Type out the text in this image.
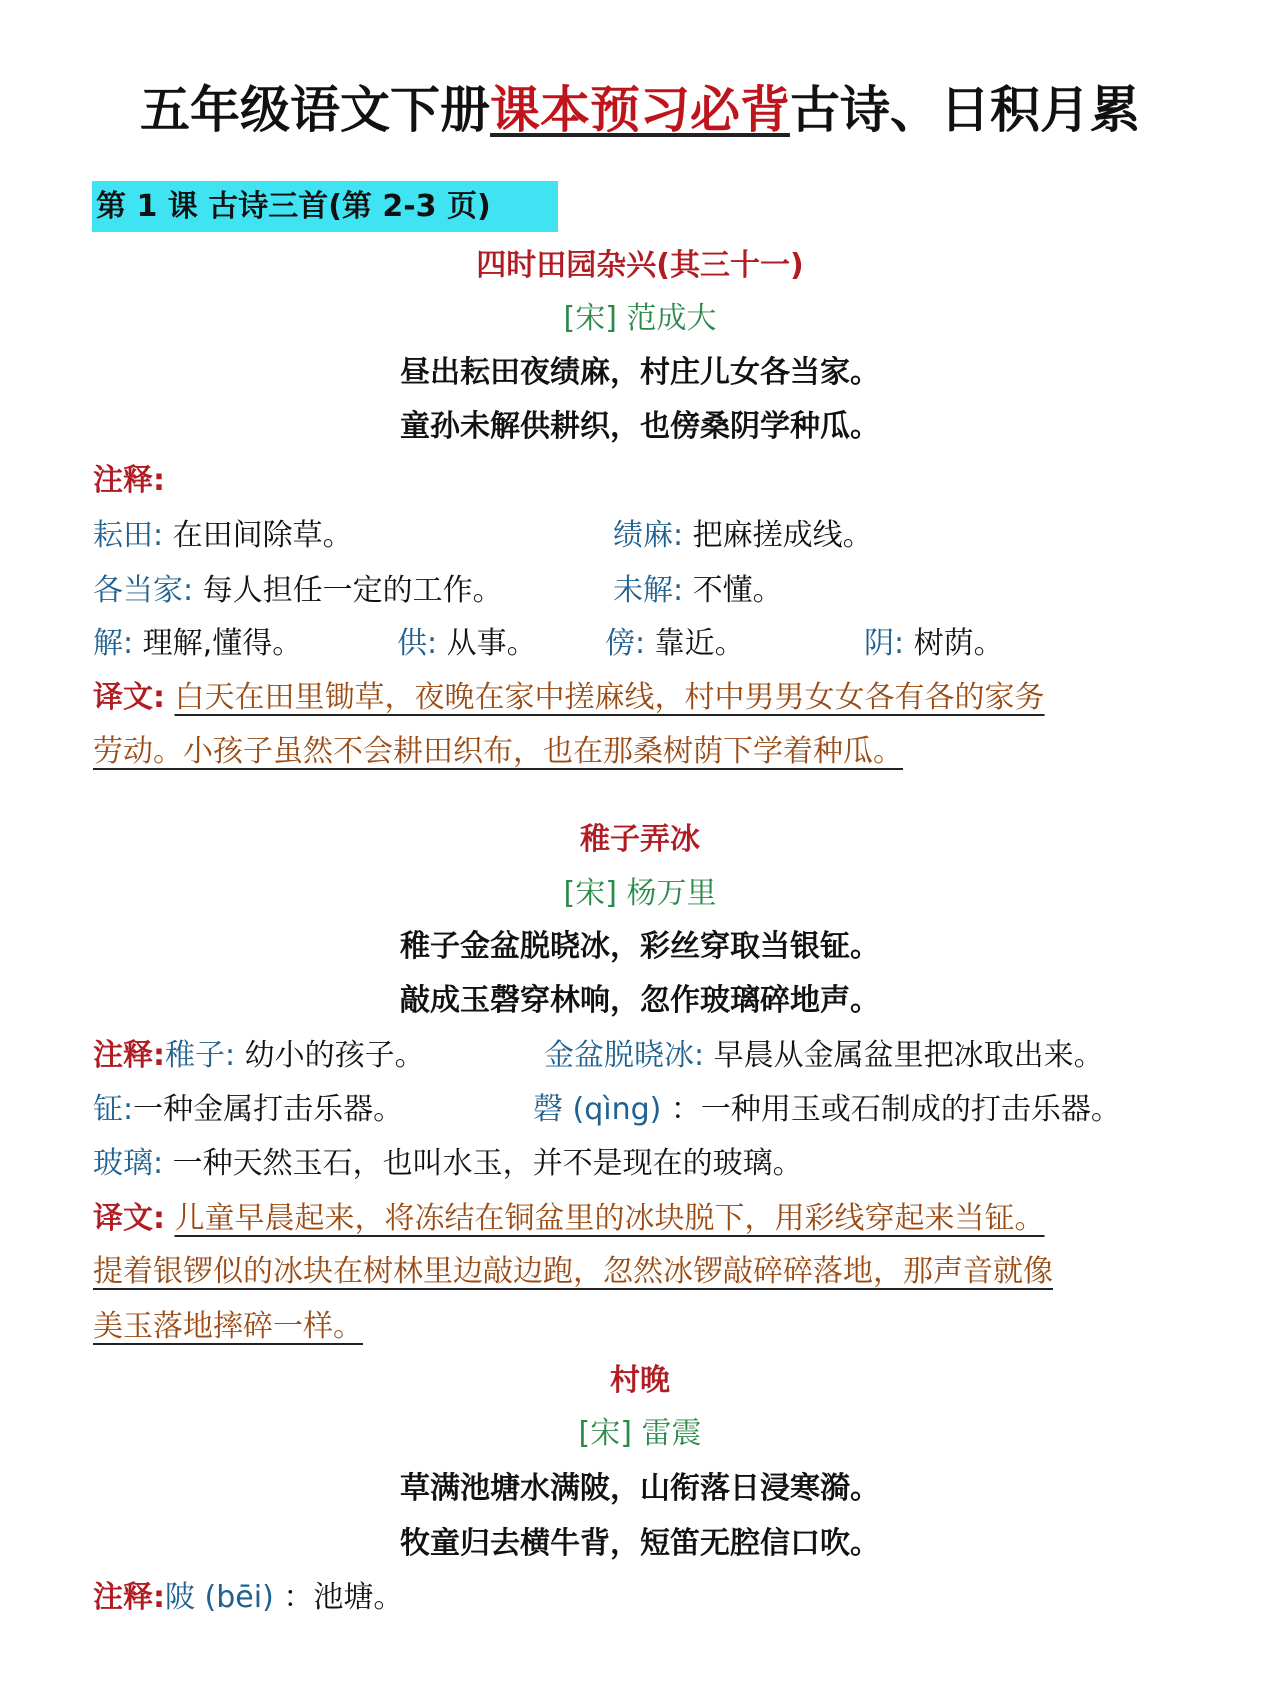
五年级语文下册课本预习必背古诗、日积月累
第 1 课 古诗三首(第 2-3 页)
四时田园杂兴(其三十一)
[宋] 范成大
昼出耘田夜绩麻，村庄儿女各当家。
童孙未解供耕织，也傍桑阴学种瓜。
注释:
耘田: 在田间除草。	绩麻: 把麻搓成线。
各当家: 每人担任一定的工作。	未解: 不懂。
解: 理解,懂得。	供: 从事。 傍: 靠近。	阴: 树荫。
译文: 白天在田里锄草，夜晚在家中搓麻线，村中男男女女各有各的家务
劳动。小孩子虽然不会耕田织布，也在那桑树荫下学着种瓜。
稚子弄冰
[宋] 杨万里
稚子金盆脱晓冰，彩丝穿取当银钲。
敲成玉磬穿林响，忽作玻璃碎地声。
注释:稚子: 幼小的孩子。	金盆脱晓冰: 早晨从金属盆里把冰取出来。
钲:一种金属打击乐器。	磬 (qìng) ：一种用玉或石制成的打击乐器。
玻璃: 一种天然玉石，也叫水玉，并不是现在的玻璃。
译文: 儿童早晨起来，将冻结在铜盆里的冰块脱下，用彩线穿起来当钲。
提着银锣似的冰块在树林里边敲边跑，忽然冰锣敲碎碎落地，那声音就像
美玉落地摔碎一样。
村晚
[宋] 雷震
草满池塘水满陂，山衔落日浸寒漪。
牧童归去横牛背，短笛无腔信口吹。
注释:陂 (bēi) ：池塘。
